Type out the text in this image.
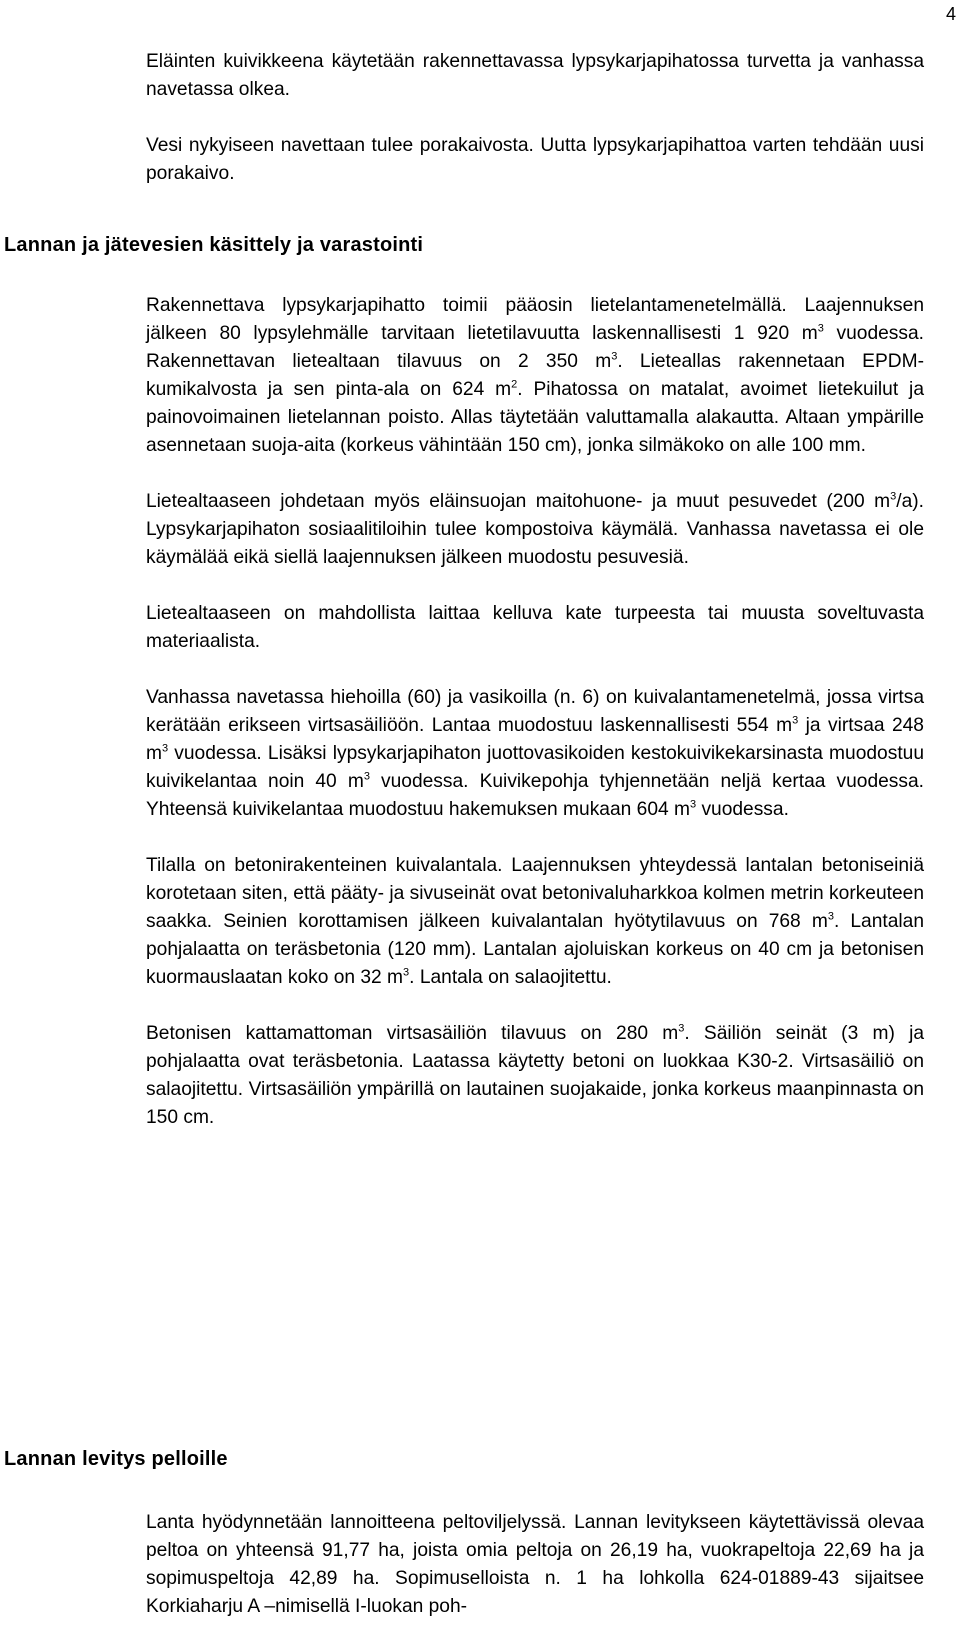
4

Eläinten kuivikkeena käytetään rakennettavassa lypsykarjapihatossa turvetta ja vanhassa navetassa olkea.

Vesi nykyiseen navettaan tulee porakaivosta. Uutta lypsykarjapihattoa varten tehdään uusi porakaivo.

Lannan ja jätevesien käsittely ja varastointi

Rakennettava lypsykarjapihatto toimii pääosin lietelantamenetelmällä. Laajennuksen jälkeen 80 lypsylehmälle tarvitaan lietetilavuutta laskennallisesti 1 920 $m^3$ vuodessa. Rakennettavan lietealtaan tilavuus on 2 350 $m^3$. Lieteallas rakennetaan EPDM-kumikalvosta ja sen pinta-ala on 624 $m^2$. Pihatossa on matalat, avoimet lietekuilut ja painovoimainen lietelannan poisto. Allas täytetään valuttamalla alakautta. Altaan ympärille asennetaan suoja-aita (korkeus vähintään 150 cm), jonka silmäkoko on alle 100 mm.

Lietealtaaseen johdetaan myös eläinsuojan maitohuone- ja muut pesuvedet (200 $m^3/a$). Lypsykarjapihaton sosiaalitiloihin tulee kompostoiva käymälä. Vanhassa navetassa ei ole käymälää eikä siellä laajennuksen jälkeen muodostu pesuvesiä.

Lietealtaaseen on mahdollista laittaa kelluva kate turpeesta tai muusta soveltuvasta materiaalista.

Vanhassa navetassa hiehoilla (60) ja vasikoilla (n. 6) on kuivalantamenetelmä, jossa virtsa kerätään erikseen virtsasäiliöön. Lantaa muodostuu laskennallisesti 554 $m^3$ ja virtsaa 248 $m^3$ vuodessa. Lisäksi lypsykarjapihaton juottovasikoiden kestokuivikekarsinasta muodostuu kuivikelantaa noin 40 $m^3$ vuodessa. Kuivikepohja tyhjennetään neljä kertaa vuodessa. Yhteensä kuivikelantaa muodostuu hakemuksen mukaan 604 $m^3$ vuodessa.

Tilalla on betonirakenteinen kuivalantala. Laajennuksen yhteydessä lantalan betoniseiniä korotetaan siten, että pääty- ja sivuseinät ovat betonivaluharkkoa kolmen metrin korkeuteen saakka. Seinien korottamisen jälkeen kuivalantalan hyötytilavuus on 768 $m^3$. Lantalan pohjalaatta on teräsbetonia (120 mm). Lantalan ajoluiskan korkeus on 40 cm ja betonisen kuormauslaatan koko on 32 $m^3$. Lantala on salaojitettu.

Betonisen kattamattoman virtsasäiliön tilavuus on 280 $m^3$. Säiliön seinät (3 m) ja pohjalaatta ovat teräsbetonia. Laatassa käytetty betoni on luokkaa K30-2. Virtsasäiliö on salaojitettu. Virtsasäiliön ympärillä on lautainen suojakaide, jonka korkeus maanpinnasta on 150 cm.

Lannan levitys pelloille

Lanta hyödynnetään lannoitteena peltoviljelyssä. Lannan levitykseen käytettävissä olevaa peltoa on yhteensä 91,77 ha, joista omia peltoja on 26,19 ha, vuokrapeltoja 22,69 ha ja sopimuspeltoja 42,89 ha. Sopimuselloista n. 1 ha lohkolla 624-01889-43 sijaitsee Korkiaharju A –nimisellä I-luokan poh-
